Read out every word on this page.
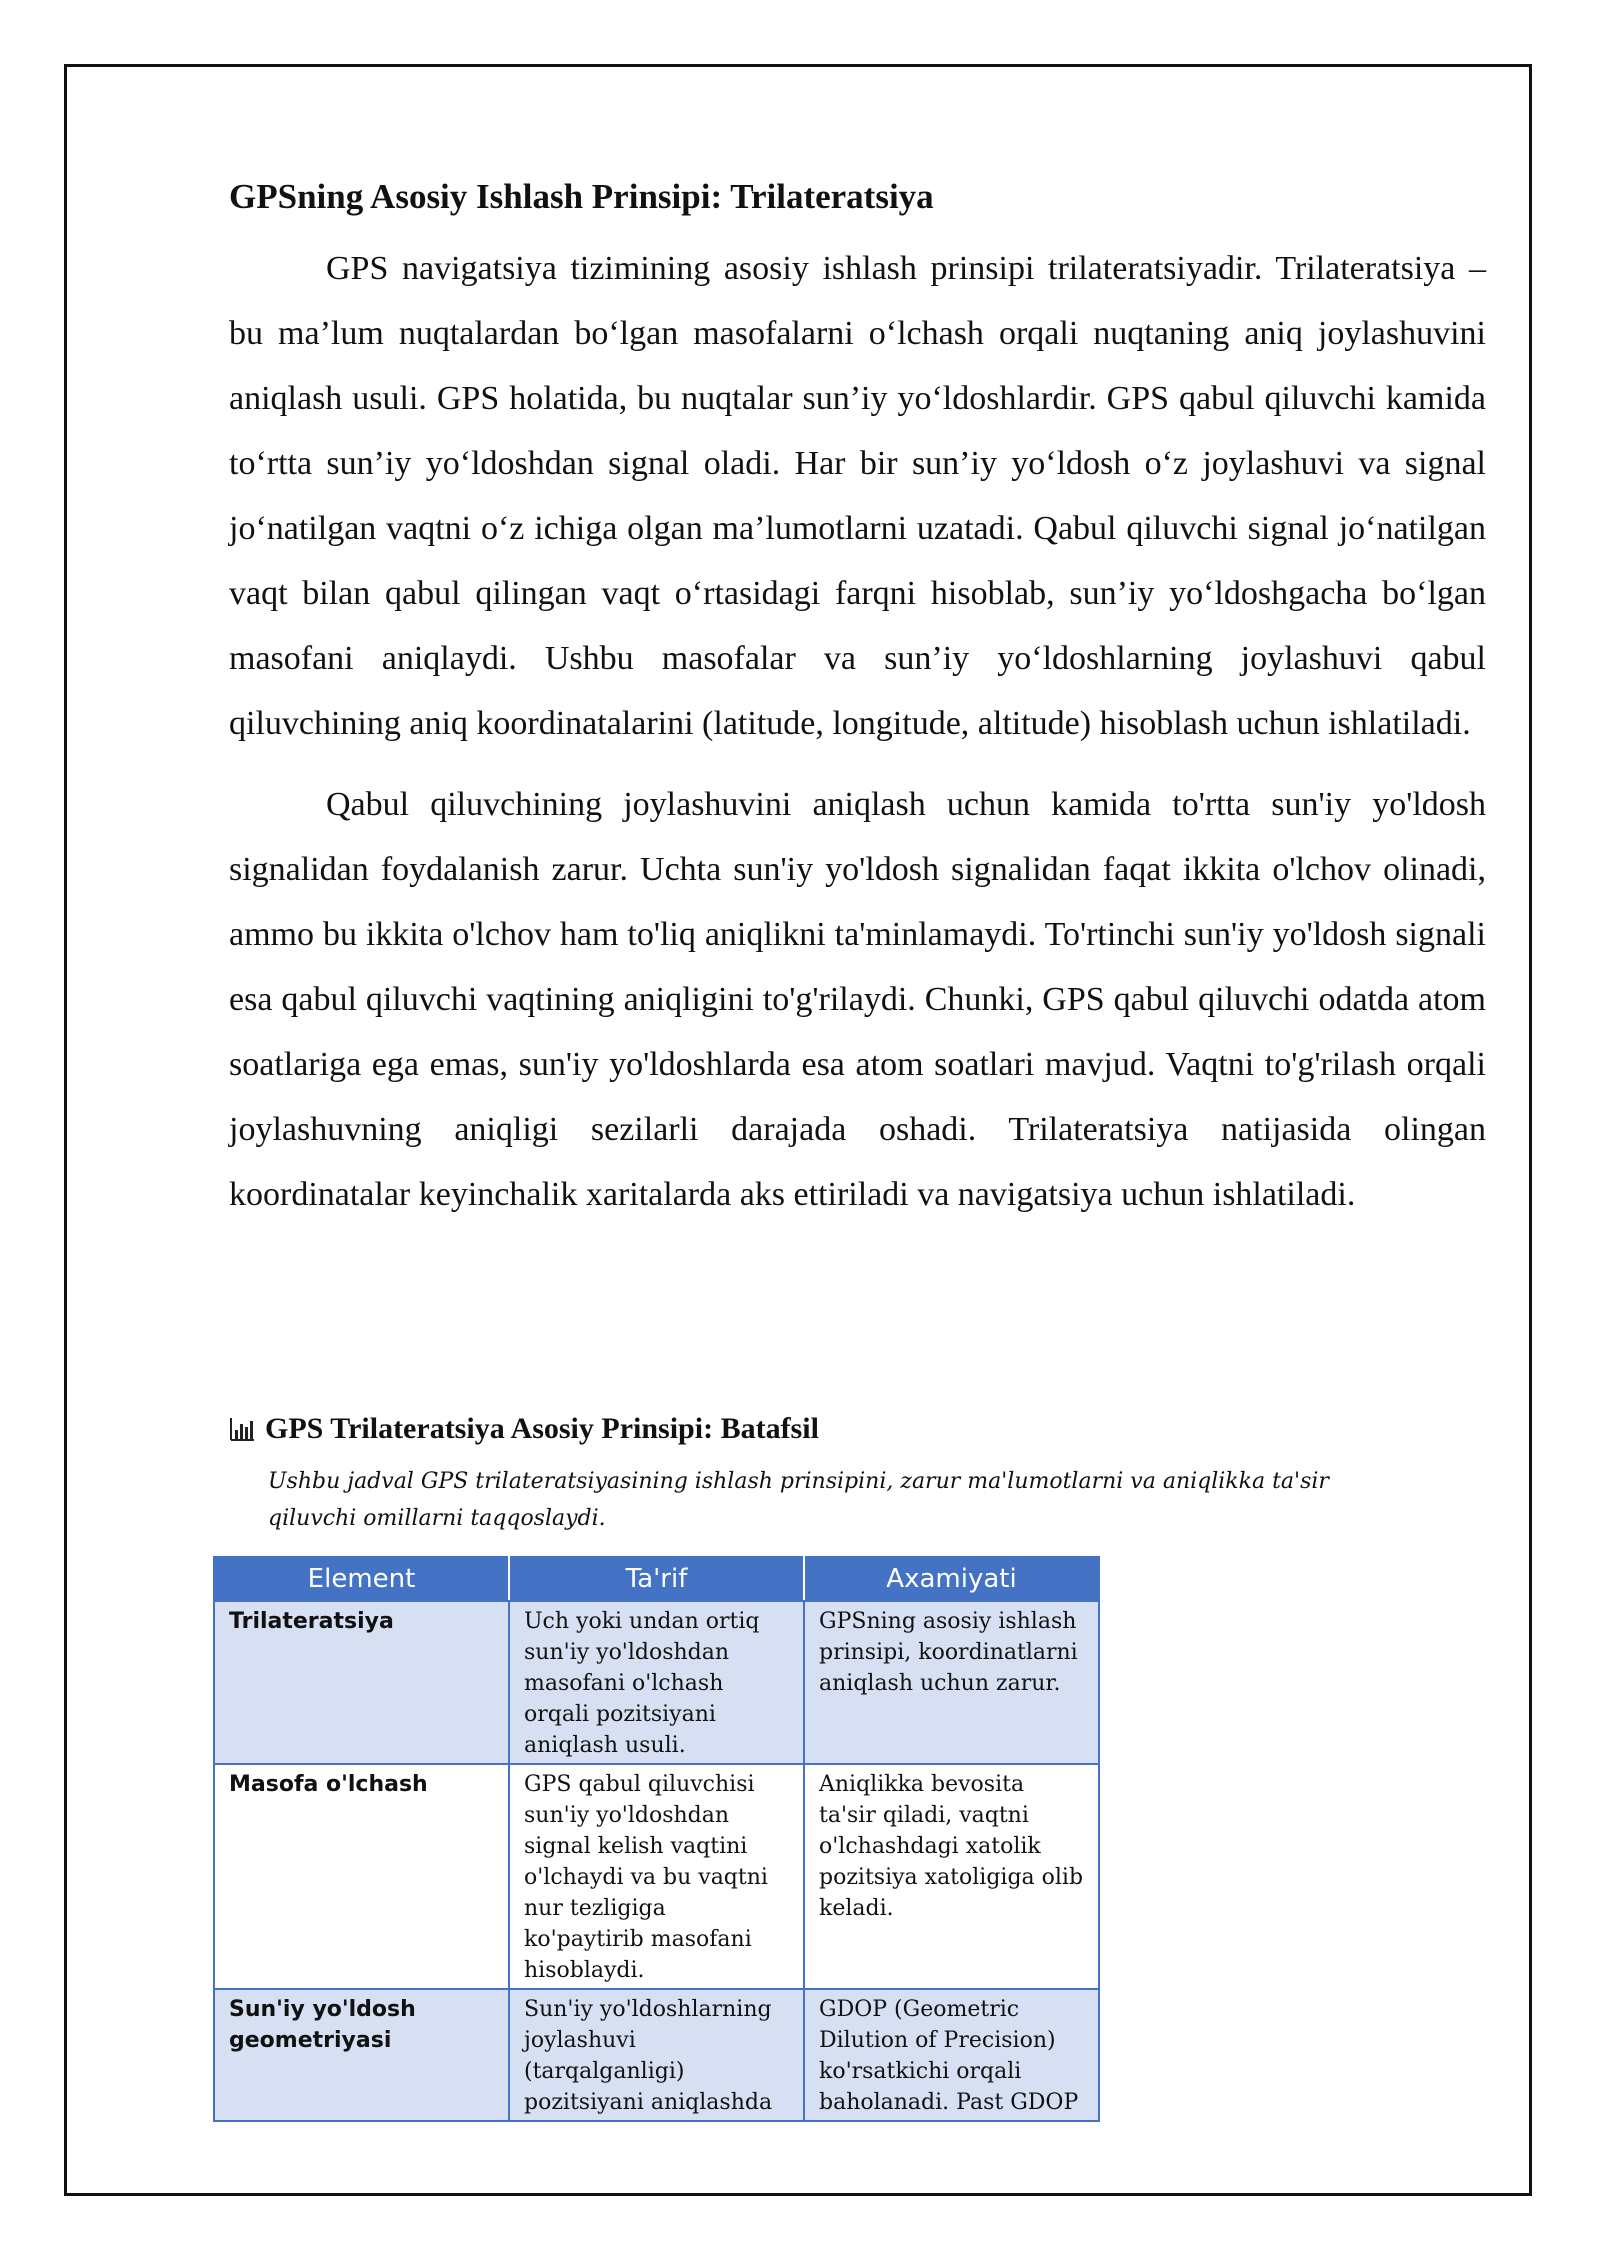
GPSning Asosiy Ishlash Prinsipi: Trilateratsiya

GPS navigatsiya tizimining asosiy ishlash prinsipi trilateratsiyadir. Trilateratsiya – bu ma’lum nuqtalardan bo‘lgan masofalarni o‘lchash orqali nuqtaning aniq joylashuvini aniqlash usuli. GPS holatida, bu nuqtalar sun’iy yo‘ldoshlardir. GPS qabul qiluvchi kamida to‘rtta sun’iy yo‘ldoshdan signal oladi. Har bir sun’iy yo‘ldosh o‘z joylashuvi va signal jo‘natilgan vaqtni o‘z ichiga olgan ma’lumotlarni uzatadi. Qabul qiluvchi signal jo‘natilgan vaqt bilan qabul qilingan vaqt o‘rtasidagi farqni hisoblab, sun’iy yo‘ldoshgacha bo‘lgan masofani aniqlaydi. Ushbu masofalar va sun’iy yo‘ldoshlarning joylashuvi qabul qiluvchining aniq koordinatalarini (latitude, longitude, altitude) hisoblash uchun ishlatiladi.

Qabul qiluvchining joylashuvini aniqlash uchun kamida to'rtta sun'iy yo'ldosh signalidan foydalanish zarur. Uchta sun'iy yo'ldosh signalidan faqat ikkita o'lchov olinadi, ammo bu ikkita o'lchov ham to'liq aniqlikni ta'minlamaydi. To'rtinchi sun'iy yo'ldosh signali esa qabul qiluvchi vaqtining aniqligini to'g'rilaydi. Chunki, GPS qabul qiluvchi odatda atom soatlariga ega emas, sun'iy yo'ldoshlarda esa atom soatlari mavjud. Vaqtni to'g'rilash orqali joylashuvning aniqligi sezilarli darajada oshadi. Trilateratsiya natijasida olingan koordinatalar keyinchalik xaritalarda aks ettiriladi va navigatsiya uchun ishlatiladi.

GPS Trilateratsiya Asosiy Prinsipi: Batafsil
Ushbu jadval GPS trilateratsiyasining ishlash prinsipini, zarur ma'lumotlarni va aniqlikka ta'sir qiluvchi omillarni taqqoslaydi.
Element	Ta'rif	Axamiyati
Trilateratsiya	Uch yoki undan ortiq sun'iy yo'ldoshdan masofani o'lchash orqali pozitsiyani aniqlash usuli.	GPSning asosiy ishlash prinsipi, koordinatlarni aniqlash uchun zarur.
Masofa o'lchash	GPS qabul qiluvchisi sun'iy yo'ldoshdan signal kelish vaqtini o'lchaydi va bu vaqtni nur tezligiga ko'paytirib masofani hisoblaydi.	Aniqlikka bevosita ta'sir qiladi, vaqtni o'lchashdagi xatolik pozitsiya xatoligiga olib keladi.
Sun'iy yo'ldosh geometriyasi	Sun'iy yo'ldoshlarning joylashuvi (tarqalganligi) pozitsiyani aniqlashda	GDOP (Geometric Dilution of Precision) ko'rsatkichi orqali baholanadi. Past GDOP
